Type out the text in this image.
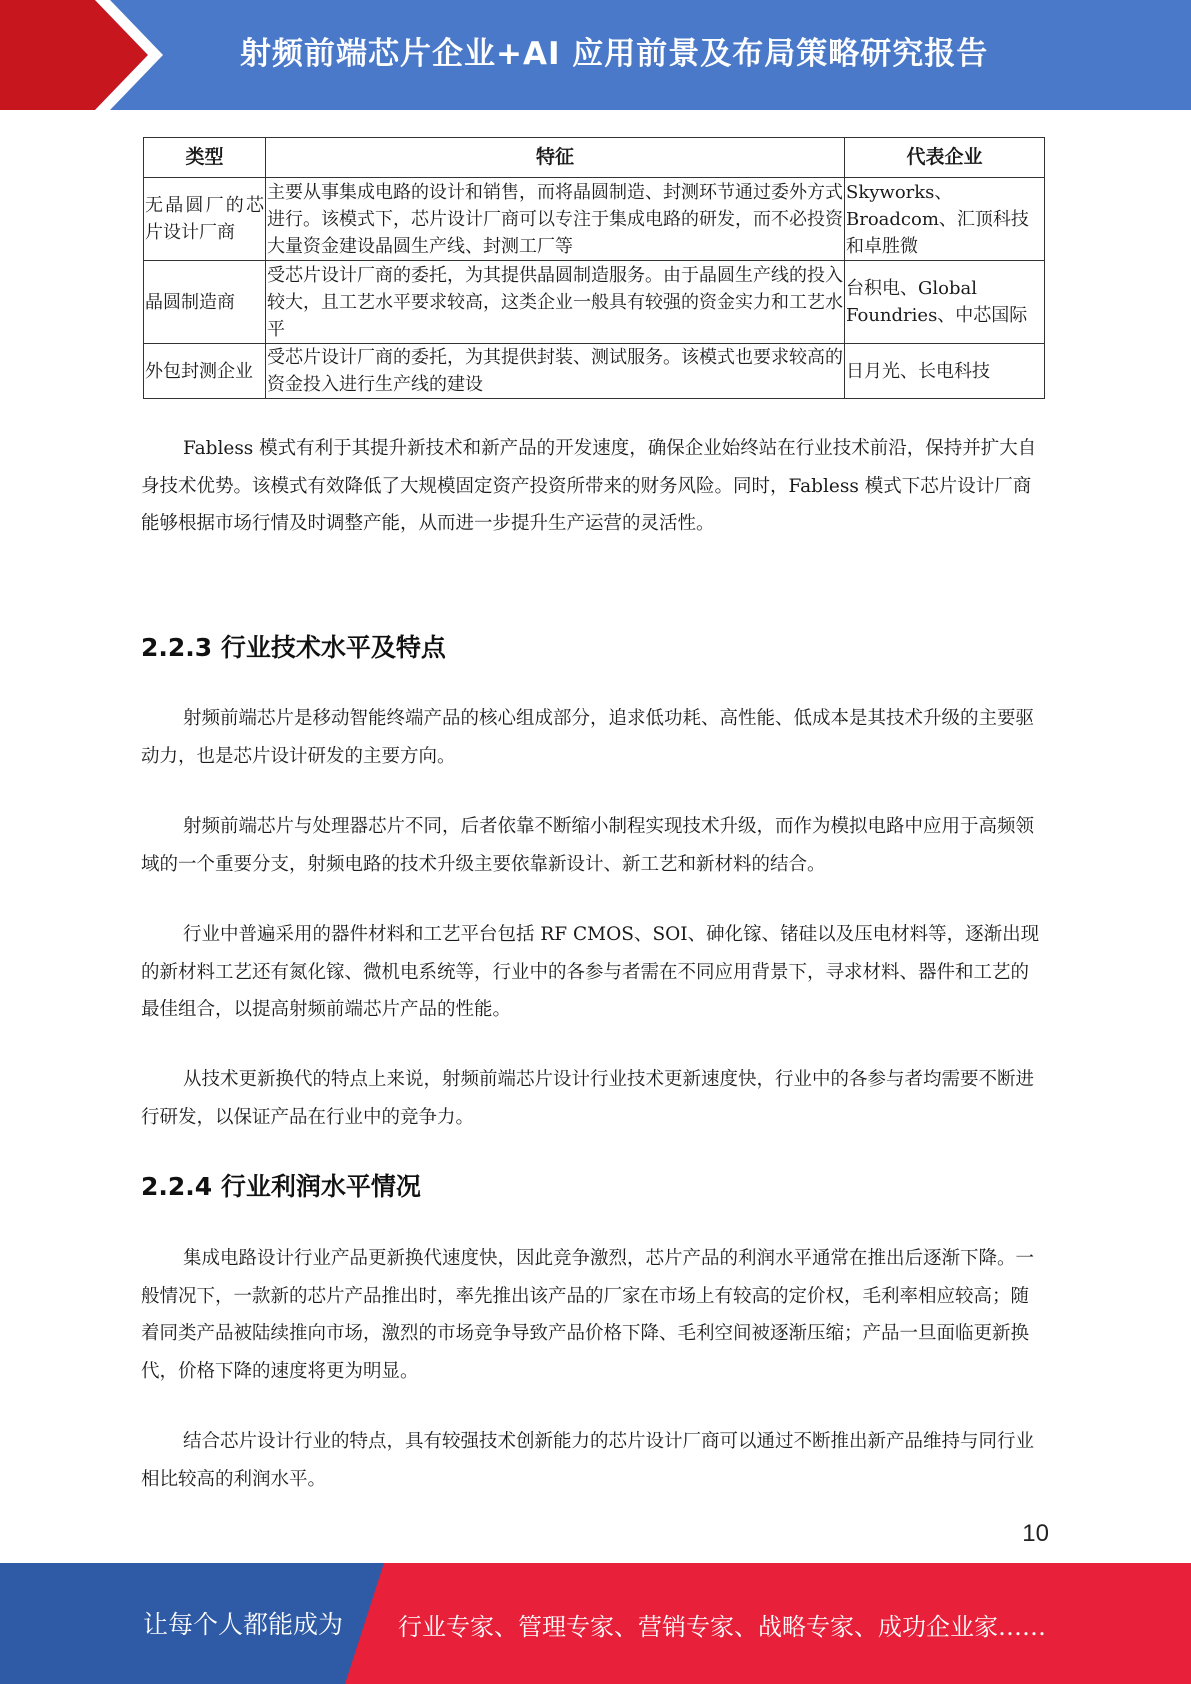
射频前端芯片企业+AI 应用前景及布局策略研究报告
类型	特征	代表企业
无晶圆厂的芯片设计厂商	主要从事集成电路的设计和销售，而将晶圆制造、封测环节通过委外方式进行。该模式下，芯片设计厂商可以专注于集成电路的研发，而不必投资大量资金建设晶圆生产线、封测工厂等	Skyworks、Broadcom、汇顶科技和卓胜微
晶圆制造商	受芯片设计厂商的委托，为其提供晶圆制造服务。由于晶圆生产线的投入较大，且工艺水平要求较高，这类企业一般具有较强的资金实力和工艺水平	台积电、Global Foundries、中芯国际
外包封测企业	受芯片设计厂商的委托，为其提供封装、测试服务。该模式也要求较高的资金投入进行生产线的建设	日月光、长电科技

Fabless 模式有利于其提升新技术和新产品的开发速度，确保企业始终站在行业技术前沿，保持并扩大自身技术优势。该模式有效降低了大规模固定资产投资所带来的财务风险。同时，Fabless 模式下芯片设计厂商能够根据市场行情及时调整产能，从而进一步提升生产运营的灵活性。

2.2.3 行业技术水平及特点

射频前端芯片是移动智能终端产品的核心组成部分，追求低功耗、高性能、低成本是其技术升级的主要驱动力，也是芯片设计研发的主要方向。

射频前端芯片与处理器芯片不同，后者依靠不断缩小制程实现技术升级，而作为模拟电路中应用于高频领域的一个重要分支，射频电路的技术升级主要依靠新设计、新工艺和新材料的结合。

行业中普遍采用的器件材料和工艺平台包括 RF CMOS、SOI、砷化镓、锗硅以及压电材料等，逐渐出现的新材料工艺还有氮化镓、微机电系统等，行业中的各参与者需在不同应用背景下，寻求材料、器件和工艺的最佳组合，以提高射频前端芯片产品的性能。

从技术更新换代的特点上来说，射频前端芯片设计行业技术更新速度快，行业中的各参与者均需要不断进行研发，以保证产品在行业中的竞争力。

2.2.4 行业利润水平情况

集成电路设计行业产品更新换代速度快，因此竞争激烈，芯片产品的利润水平通常在推出后逐渐下降。一般情况下，一款新的芯片产品推出时，率先推出该产品的厂家在市场上有较高的定价权，毛利率相应较高；随着同类产品被陆续推向市场，激烈的市场竞争导致产品价格下降、毛利空间被逐渐压缩；产品一旦面临更新换代，价格下降的速度将更为明显。

结合芯片设计行业的特点，具有较强技术创新能力的芯片设计厂商可以通过不断推出新产品维持与同行业相比较高的利润水平。

10
让每个人都能成为 行业专家、管理专家、营销专家、战略专家、成功企业家……
